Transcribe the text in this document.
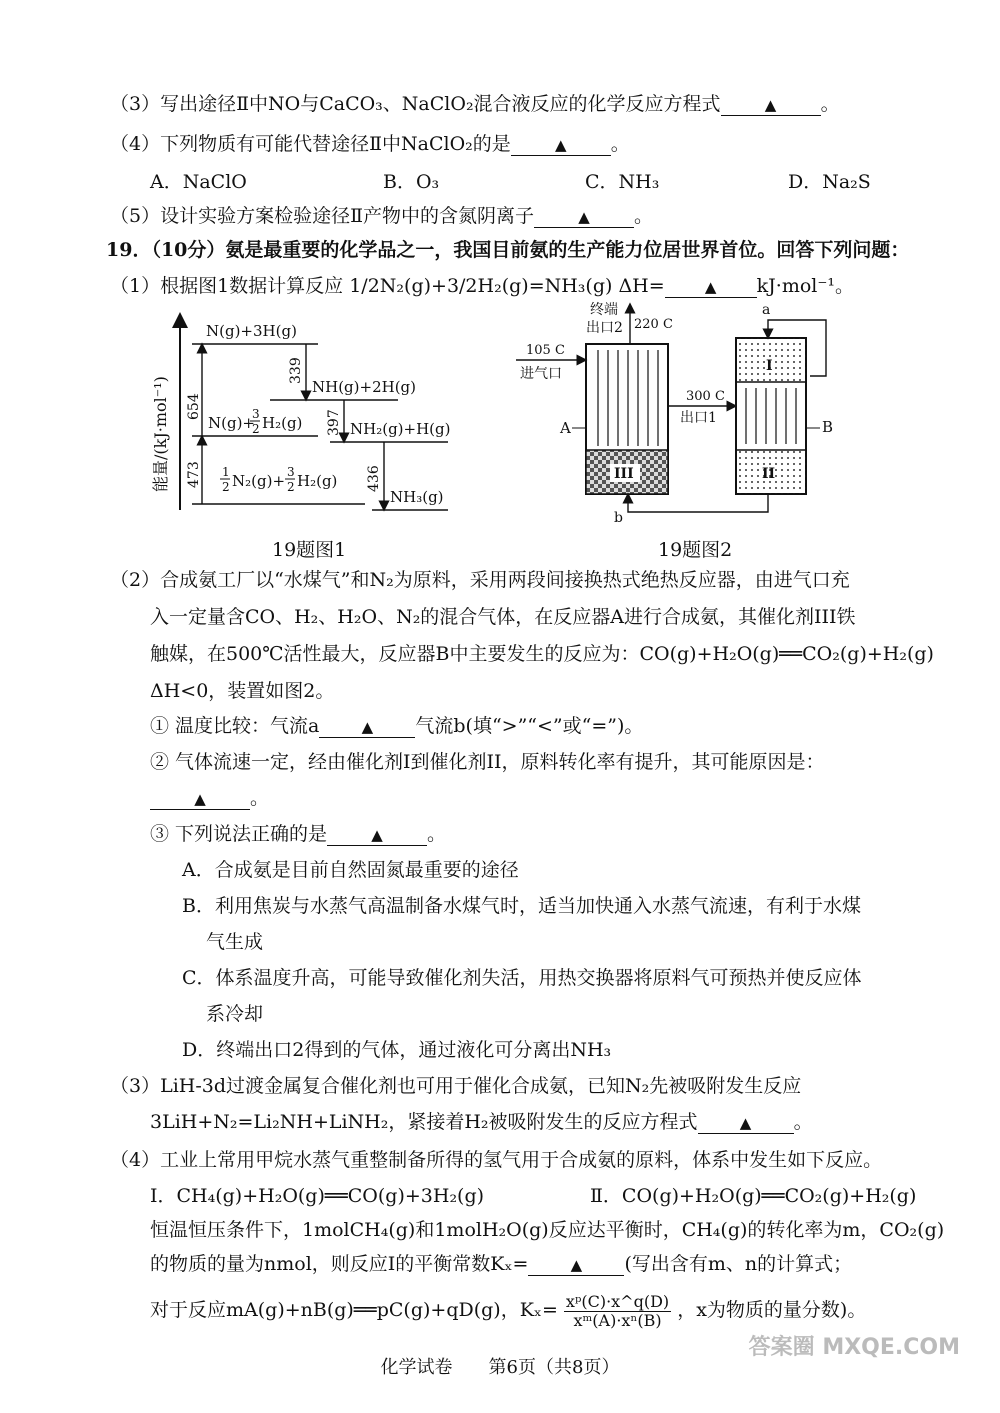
（3）写出途径Ⅱ中NO与CaCO₃、NaClO₂混合液反应的化学反应方程式	▲ 。
（4）下列物质有可能代替途径Ⅱ中NaClO₂的是	▲ 。
A．NaClO	B．O₃	C．NH₃	D．Na₂S
（5）设计实验方案检验途径Ⅱ产物中的含氮阴离子	▲ 。
19．（10分）氨是最重要的化学品之一，我国目前氨的生产能力位居世界首位。回答下列问题：
（1）根据图1数据计算反应 1/2N₂(g)+3/2H₂(g)=NH₃(g) ΔH=	▲ kJ·mol⁻¹。
能量/(kJ·mol⁻¹)
N(g)+3H(g)
NH(g)+2H(g)
N(g)+
3
2 H₂(g)	NH₂(g)+H(g)
1
2 N₂(g)+ 3
2 H₂(g)
NH₃(g)
654
473
339
397
436
19题图1
III
A
105 C
进气口
终端
出口2 220 C
300 C
出口1
I
II
B
a
b
19题图2
（2）合成氨工厂以“水煤气”和N₂为原料，采用两段间接换热式绝热反应器，由进气口充
入一定量含CO、H₂、H₂O、N₂的混合气体，在反应器A进行合成氨，其催化剂III铁
触媒，在500℃活性最大，反应器B中主要发生的反应为：CO(g)+H₂O(g)══CO₂(g)+H₂(g)
ΔH<0，装置如图2。
① 温度比较：气流a	▲ 气流b(填“>”“<”或“=”)。
② 气体流速一定，经由催化剂I到催化剂II，原料转化率有提升，其可能原因是：
▲ 。
③ 下列说法正确的是	▲ 。
A．合成氨是目前自然固氮最重要的途径
B．利用焦炭与水蒸气高温制备水煤气时，适当加快通入水蒸气流速，有利于水煤
气生成
C．体系温度升高，可能导致催化剂失活，用热交换器将原料气可预热并使反应体
系冷却
D．终端出口2得到的气体，通过液化可分离出NH₃
（3）LiH-3d过渡金属复合催化剂也可用于催化合成氨，已知N₂先被吸附发生反应
3LiH+N₂=Li₂NH+LiNH₂，紧接着H₂被吸附发生的反应方程式	▲ 。
（4）工业上常用甲烷水蒸气重整制备所得的氢气用于合成氨的原料，体系中发生如下反应。
Ⅰ．CH₄(g)+H₂O(g)══CO(g)+3H₂(g)	Ⅱ．CO(g)+H₂O(g)══CO₂(g)+H₂(g)
恒温恒压条件下，1molCH₄(g)和1molH₂O(g)反应达平衡时，CH₄(g)的转化率为m，CO₂(g)
的物质的量为nmol，则反应Ⅰ的平衡常数Kₓ=	▲ (写出含有m、n的计算式；
对于反应mA(g)+nB(g)══pC(g)+qD(g)，$K_x= \frac{\text{xᵖ(C)·x\textasciicircum{}q(D)}}{\text{xᵐ(A)·xⁿ(B)}}$ ，x为物质的量分数)。
化学试卷　　第6页（共8页）
答案圈 MXQE.COM
